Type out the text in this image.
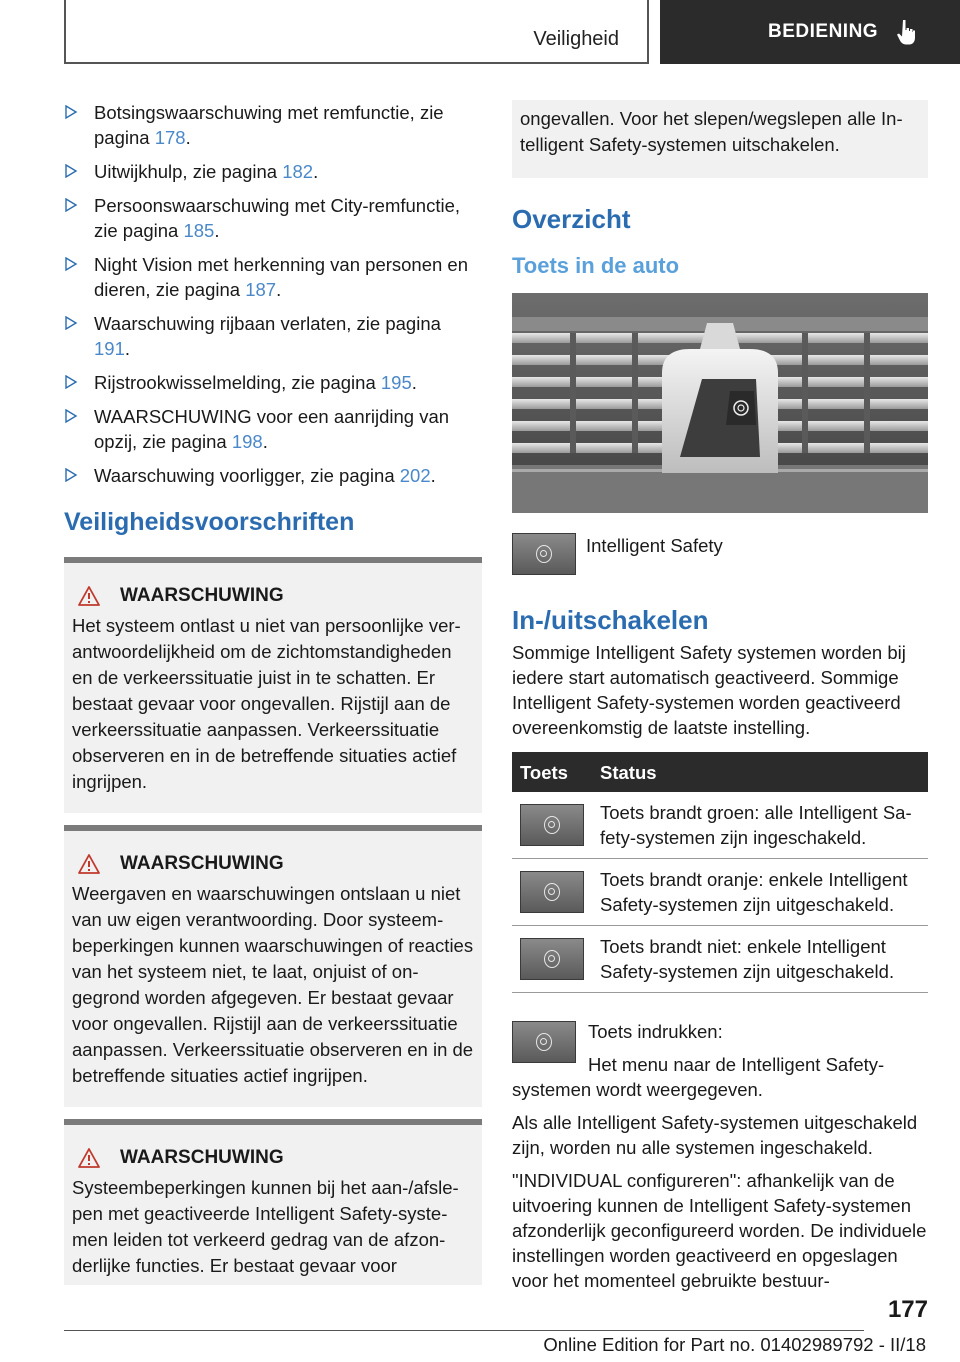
Veiligheid	BEDIENING
Botsingswaarschuwing met remfunctie, zie pagina 178.
Uitwijkhulp, zie pagina 182.
Persoonswaarschuwing met City-remfunctie, zie pagina 185.
Night Vision met herkenning van personen en dieren, zie pagina 187.
Waarschuwing rijbaan verlaten, zie pagina 191.
Rijstrookwisselmelding, zie pagina 195.
WAARSCHUWING voor een aanrijding van opzij, zie pagina 198.
Waarschuwing voorligger, zie pagina 202.
Veiligheidsvoorschriften
WAARSCHUWING
Het systeem ontlast u niet van persoonlijke verantwoordelijkheid om de zichtomstandigheden en de verkeerssituatie juist in te schatten. Er bestaat gevaar voor ongevallen. Rijstijl aan de verkeerssituatie aanpassen. Verkeerssituatie observeren en in de betreffende situaties actief ingrijpen.
WAARSCHUWING
Weergaven en waarschuwingen ontslaan u niet van uw eigen verantwoording. Door systeembeperkingen kunnen waarschuwingen of reacties van het systeem niet, te laat, onjuist of ongegrond worden afgegeven. Er bestaat gevaar voor ongevallen. Rijstijl aan de verkeerssituatie aanpassen. Verkeerssituatie observeren en in de betreffende situaties actief ingrijpen.
WAARSCHUWING
Systeembeperkingen kunnen bij het aan-/afslepen met geactiveerde Intelligent Safety-systemen leiden tot verkeerd gedrag van de afzonderlijke functies. Er bestaat gevaar voor
ongevallen. Voor het slepen/wegslepen alle Intelligent Safety-systemen uitschakelen.
Overzicht
Toets in de auto
Intelligent Safety
In-/uitschakelen

Sommige Intelligent Safety systemen worden bij iedere start automatisch geactiveerd. Sommige Intelligent Safety-systemen worden geactiveerd overeenkomstig de laatste instelling.

Toets	Status

	Toets brandt groen: alle Intelligent Safety-systemen zijn ingeschakeld.

	Toets brandt oranje: enkele Intelligent Safety-systemen zijn uitgeschakeld.

	Toets brandt niet: enkele Intelligent Safety-systemen zijn uitgeschakeld.

Toets indrukken:

Het menu naar de Intelligent Safety-systemen wordt weergegeven.

Als alle Intelligent Safety-systemen uitgeschakeld zijn, worden nu alle systemen ingeschakeld.

"INDIVIDUAL configureren": afhankelijk van de uitvoering kunnen de Intelligent Safety-systemen afzonderlijk geconfigureerd worden. De individuele instellingen worden geactiveerd en opgeslagen voor het momenteel gebruikte bestuur-

177
Online Edition for Part no. 01402989792 - II/18
